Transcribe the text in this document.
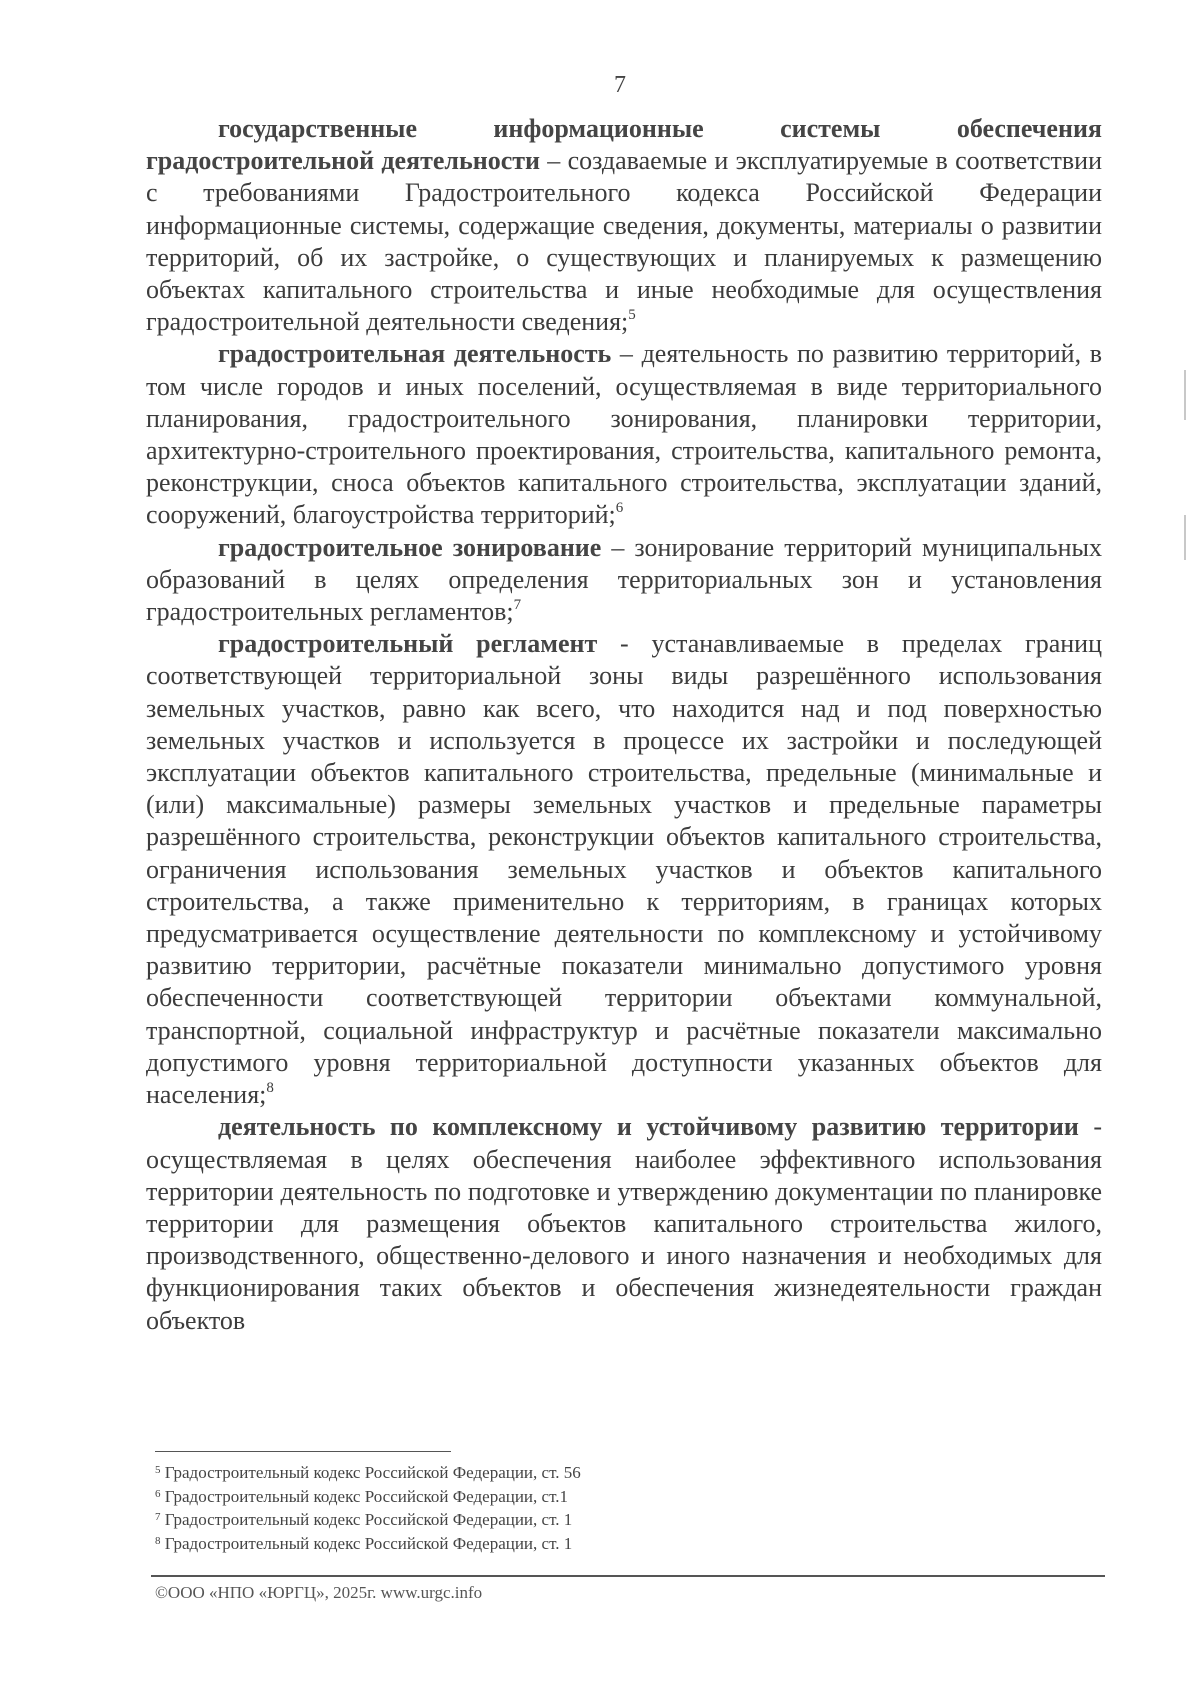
7

государственные информационные системы обеспечения градостроительной деятельности – создаваемые и эксплуатируемые в соответствии с требованиями Градостроительного кодекса Российской Федерации информационные системы, содержащие сведения, документы, материалы о развитии территорий, об их застройке, о существующих и планируемых к размещению объектах капитального строительства и иные необходимые для осуществления градостроительной деятельности сведения;$^5$

градостроительная деятельность – деятельность по развитию территорий, в том числе городов и иных поселений, осуществляемая в виде территориального планирования, градостроительного зонирования, планировки территории, архитектурно-строительного проектирования, строительства, капитального ремонта, реконструкции, сноса объектов капитального строительства, эксплуатации зданий, сооружений, благоустройства территорий;$^6$

градостроительное зонирование – зонирование территорий муниципальных образований в целях определения территориальных зон и установления градостроительных регламентов;$^7$

градостроительный регламент - устанавливаемые в пределах границ соответствующей территориальной зоны виды разрешённого использования земельных участков, равно как всего, что находится над и под поверхностью земельных участков и используется в процессе их застройки и последующей эксплуатации объектов капитального строительства, предельные (минимальные и (или) максимальные) размеры земельных участков и предельные параметры разрешённого строительства, реконструкции объектов капитального строительства, ограничения использования земельных участков и объектов капитального строительства, а также применительно к территориям, в границах которых предусматривается осуществление деятельности по комплексному и устойчивому развитию территории, расчётные показатели минимально допустимого уровня обеспеченности соответствующей территории объектами коммунальной, транспортной, социальной инфраструктур и расчётные показатели максимально допустимого уровня территориальной доступности указанных объектов для населения;$^8$

деятельность по комплексному и устойчивому развитию территории - осуществляемая в целях обеспечения наиболее эффективного использования территории деятельность по подготовке и утверждению документации по планировке территории для размещения объектов капитального строительства жилого, производственного, общественно-делового и иного назначения и необходимых для функционирования таких объектов и обеспечения жизнедеятельности граждан объектов

$^5$ Градостроительный кодекс Российской Федерации, ст. 56

$^6$ Градостроительный кодекс Российской Федерации, ст.1

$^7$ Градостроительный кодекс Российской Федерации, ст. 1

$^8$ Градостроительный кодекс Российской Федерации, ст. 1

©ООО «НПО «ЮРГЦ», 2025г. www.urgc.info
